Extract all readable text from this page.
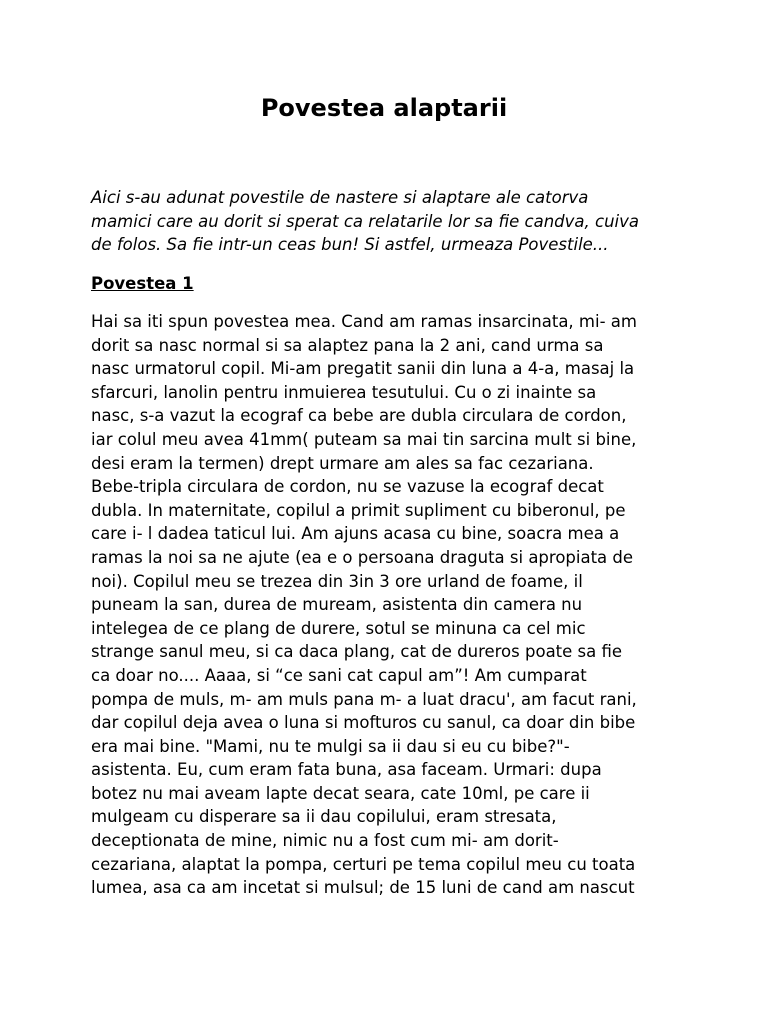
Povestea alaptarii

Aici s-au adunat povestile de nastere si alaptare ale catorva
mamici care au dorit si sperat ca relatarile lor sa fie candva, cuiva
de folos. Sa fie intr-un ceas bun! Si astfel, urmeaza Povestile...

Povestea 1

Hai sa iti spun povestea mea. Cand am ramas insarcinata, mi- am
dorit sa nasc normal si sa alaptez pana la 2 ani, cand urma sa
nasc urmatorul copil. Mi-am pregatit sanii din luna a 4-a, masaj la
sfarcuri, lanolin pentru inmuierea tesutului. Cu o zi inainte sa
nasc, s-a vazut la ecograf ca bebe are dubla circulara de cordon,
iar colul meu avea 41mm( puteam sa mai tin sarcina mult si bine,
desi eram la termen) drept urmare am ales sa fac cezariana.
Bebe-tripla circulara de cordon, nu se vazuse la ecograf decat
dubla. In maternitate, copilul a primit supliment cu biberonul, pe
care i- l dadea taticul lui. Am ajuns acasa cu bine, soacra mea a
ramas la noi sa ne ajute (ea e o persoana draguta si apropiata de
noi). Copilul meu se trezea din 3in 3 ore urland de foame, il
puneam la san, durea de muream, asistenta din camera nu
intelegea de ce plang de durere, sotul se minuna ca cel mic
strange sanul meu, si ca daca plang, cat de dureros poate sa fie
ca doar no.... Aaaa, si “ce sani cat capul am”! Am cumparat
pompa de muls, m- am muls pana m- a luat dracu', am facut rani,
dar copilul deja avea o luna si mofturos cu sanul, ca doar din bibe
era mai bine. "Mami, nu te mulgi sa ii dau si eu cu bibe?"-
asistenta. Eu, cum eram fata buna, asa faceam. Urmari: dupa
botez nu mai aveam lapte decat seara, cate 10ml, pe care ii
mulgeam cu disperare sa ii dau copilului, eram stresata,
deceptionata de mine, nimic nu a fost cum mi- am dorit-
cezariana, alaptat la pompa, certuri pe tema copilul meu cu toata
lumea, asa ca am incetat si mulsul; de 15 luni de cand am nascut
